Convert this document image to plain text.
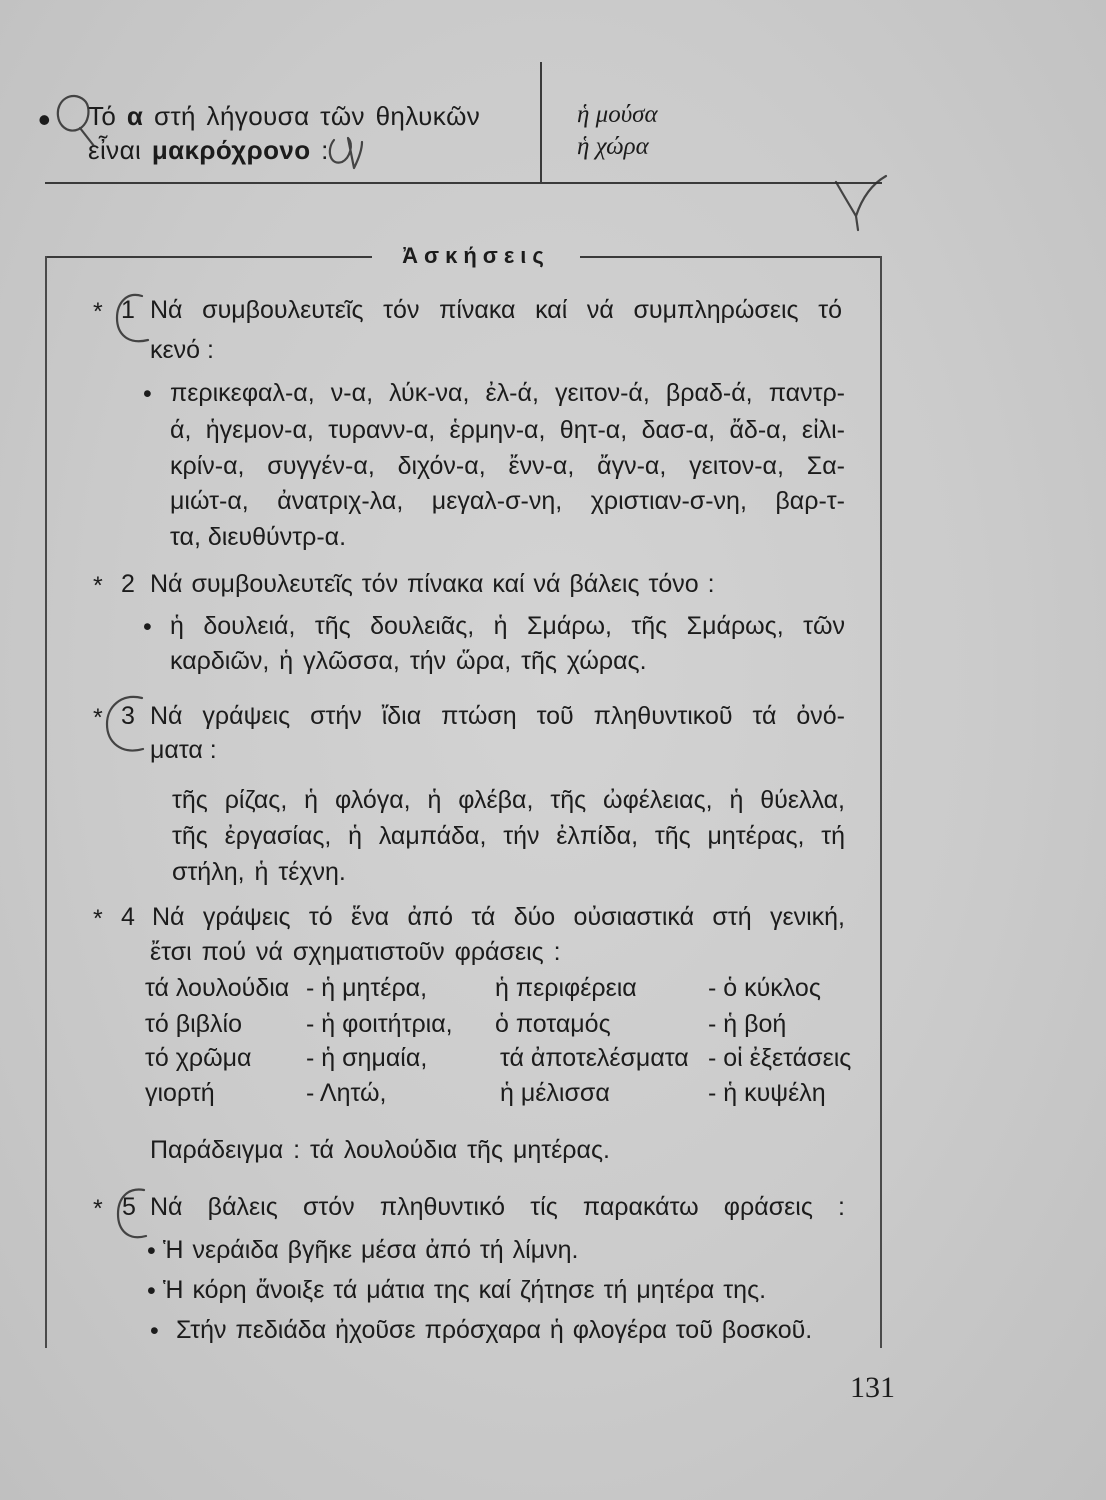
• Τό α στή λήγουσα τῶν θηλυκῶν
εἶναι μακρόχρονο :
ἡ μούσα
ἡ χώρα
Ἀσκήσεις
* 1 Νά συμβουλευτεῖς τόν πίνακα καί νά συμπληρώσεις τό
κενό :
• περικεφαλ-α, ν-α, λύκ-να, ἐλ-ά, γειτον-ά, βραδ-ά, παντρ-
ά, ἡγεμον-α, τυρανν-α, ἑρμην-α, θητ-α, δασ-α, ἄδ-α, εἰλι-
κρίν-α, συγγέν-α, διχόν-α, ἔνν-α, ἄγν-α, γειτον-α, Σα-
μιώτ-α, ἀνατριχ-λα, μεγαλ-σ-νη, χριστιαν-σ-νη, βαρ-τ-
τα, διευθύντρ-α.
* 2 Νά συμβουλευτεῖς τόν πίνακα καί νά βάλεις τόνο :
• ἡ δουλειά, τῆς δουλειᾶς, ἡ Σμάρω, τῆς Σμάρως, τῶν
καρδιῶν, ἡ γλῶσσα, τήν ὥρα, τῆς χώρας.
* 3 Νά γράψεις στήν ἴδια πτώση τοῦ πληθυντικοῦ τά ὀνό-
ματα :
τῆς ρίζας, ἡ φλόγα, ἡ φλέβα, τῆς ὠφέλειας, ἡ θύελλα,
τῆς ἐργασίας, ἡ λαμπάδα, τήν ἐλπίδα, τῆς μητέρας, τή
στήλη, ἡ τέχνη.
* 4 Νά γράψεις τό ἕνα ἀπό τά δύο οὐσιαστικά στή γενική,
ἔτσι πού νά σχηματιστοῦν φράσεις :
τά λουλούδια - ἡ μητέρα,	ἡ περιφέρεια	- ὁ κύκλος
τό βιβλίο	- ἡ φοιτήτρια, ὁ ποταμός	- ἡ βοή
τό χρῶμα - ἡ σημαία,	τά ἀποτελέσματα - οἱ ἐξετάσεις
γιορτή	- Λητώ,	ἡ μέλισσα	- ἡ κυψέλη
Παράδειγμα : τά λουλούδια τῆς μητέρας.
* 5 Νά βάλεις στόν πληθυντικό τίς παρακάτω φράσεις :
• Ἡ νεράιδα βγῆκε μέσα ἀπό τή λίμνη.
• Ἡ κόρη ἄνοιξε τά μάτια της καί ζήτησε τή μητέρα της.
• Στήν πεδιάδα ἠχοῦσε πρόσχαρα ἡ φλογέρα τοῦ βοσκοῦ.
131
